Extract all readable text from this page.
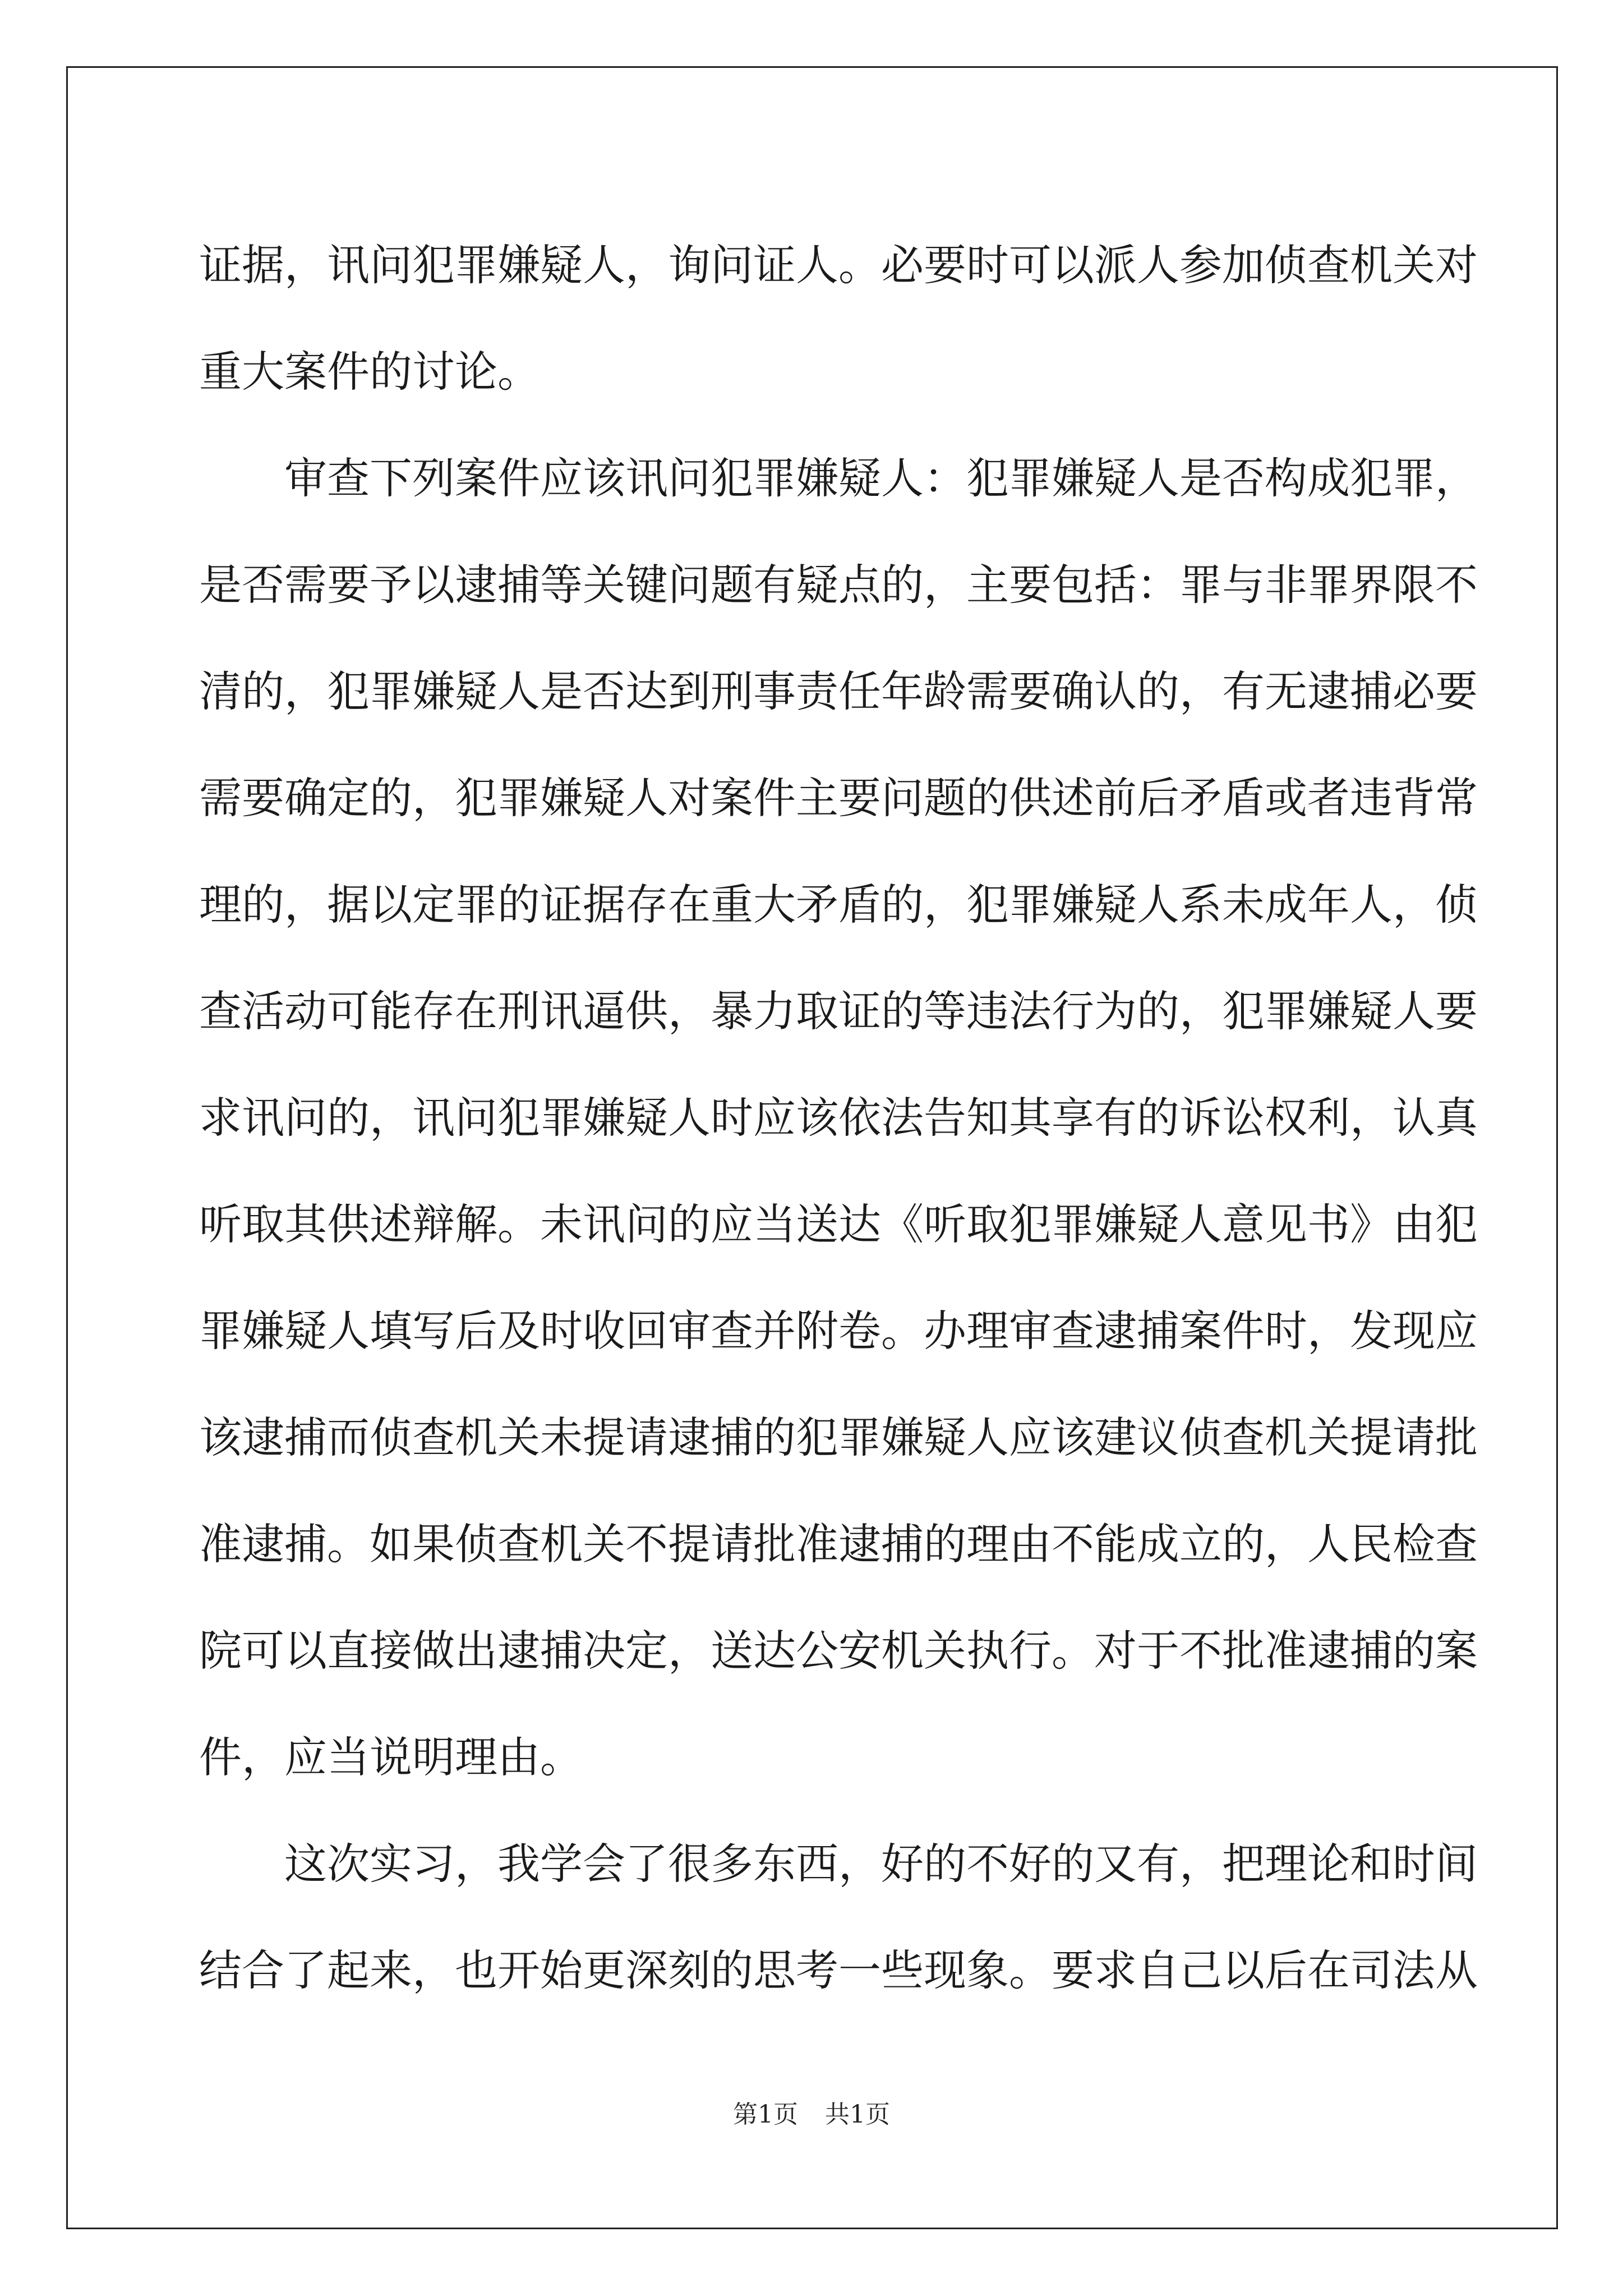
证据，讯问犯罪嫌疑人，询问证人。必要时可以派人参加侦查机关对
重大案件的讨论。
审查下列案件应该讯问犯罪嫌疑人：犯罪嫌疑人是否构成犯罪，
是否需要予以逮捕等关键问题有疑点的，主要包括：罪与非罪界限不
清的，犯罪嫌疑人是否达到刑事责任年龄需要确认的，有无逮捕必要
需要确定的，犯罪嫌疑人对案件主要问题的供述前后矛盾或者违背常
理的，据以定罪的证据存在重大矛盾的，犯罪嫌疑人系未成年人，侦
查活动可能存在刑讯逼供，暴力取证的等违法行为的，犯罪嫌疑人要
求讯问的，讯问犯罪嫌疑人时应该依法告知其享有的诉讼权利，认真
听取其供述辩解。未讯问的应当送达《听取犯罪嫌疑人意见书》由犯
罪嫌疑人填写后及时收回审查并附卷。办理审查逮捕案件时，发现应
该逮捕而侦查机关未提请逮捕的犯罪嫌疑人应该建议侦查机关提请批
准逮捕。如果侦查机关不提请批准逮捕的理由不能成立的，人民检查
院可以直接做出逮捕决定，送达公安机关执行。对于不批准逮捕的案
件，应当说明理由。
这次实习，我学会了很多东西，好的不好的又有，把理论和时间
结合了起来，也开始更深刻的思考一些现象。要求自己以后在司法从
第1页 共1页
